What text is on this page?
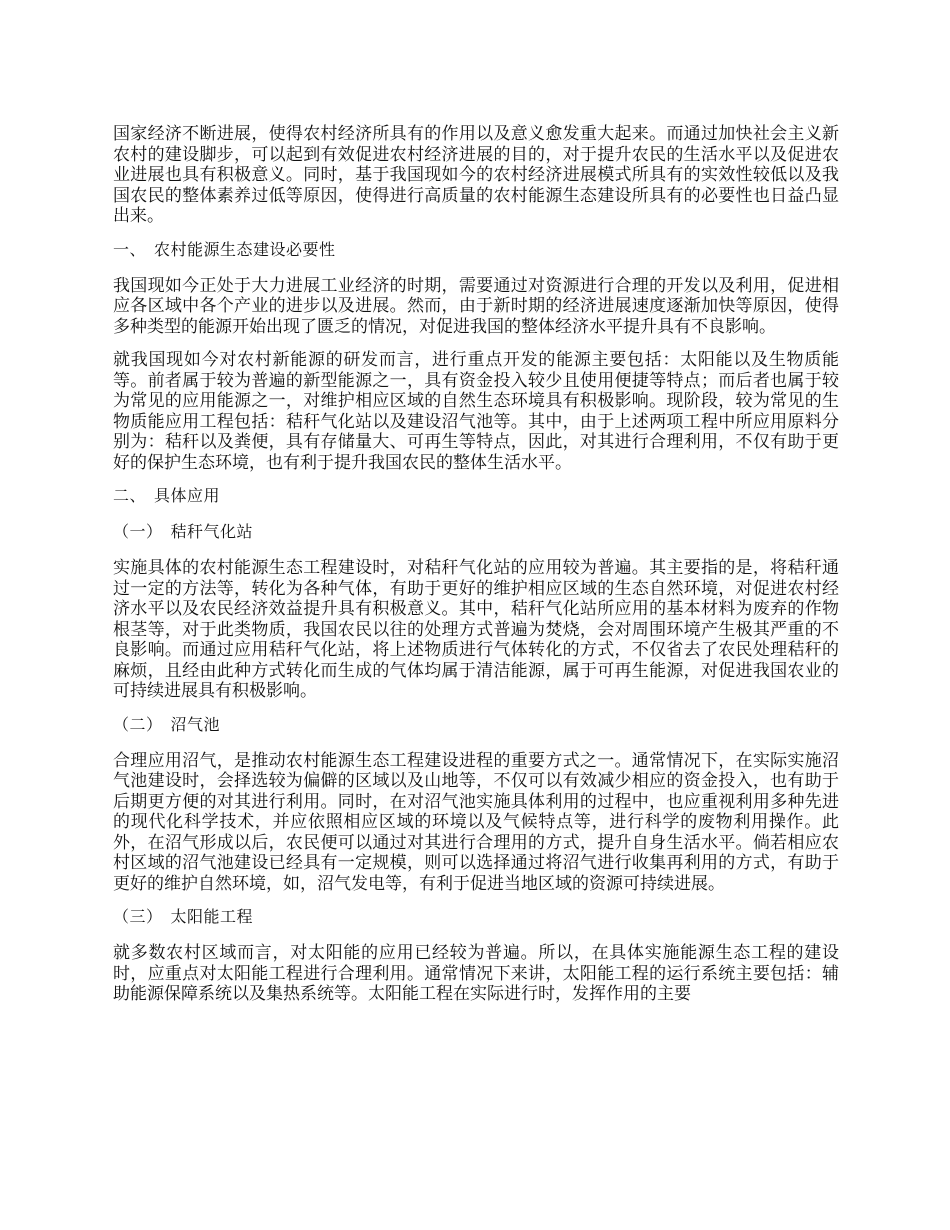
国家经济不断进展，使得农村经济所具有的作用以及意义愈发重大起来。而通过加快社会主义新农村的建设脚步，可以起到有效促进农村经济进展的目的，对于提升农民的生活水平以及促进农业进展也具有积极意义。同时，基于我国现如今的农村经济进展模式所具有的实效性较低以及我国农民的整体素养过低等原因，使得进行高质量的农村能源生态建设所具有的必要性也日益凸显出来。

一、 农村能源生态建设必要性

我国现如今正处于大力进展工业经济的时期，需要通过对资源进行合理的开发以及利用，促进相应各区域中各个产业的进步以及进展。然而，由于新时期的经济进展速度逐渐加快等原因，使得多种类型的能源开始出现了匮乏的情况，对促进我国的整体经济水平提升具有不良影响。

就我国现如今对农村新能源的研发而言，进行重点开发的能源主要包括：太阳能以及生物质能等。前者属于较为普遍的新型能源之一，具有资金投入较少且使用便捷等特点；而后者也属于较为常见的应用能源之一，对维护相应区域的自然生态环境具有积极影响。现阶段，较为常见的生物质能应用工程包括：秸秆气化站以及建设沼气池等。其中，由于上述两项工程中所应用原料分别为：秸秆以及粪便，具有存储量大、可再生等特点，因此，对其进行合理利用，不仅有助于更好的保护生态环境，也有利于提升我国农民的整体生活水平。

二、 具体应用
（一） 秸秆气化站

实施具体的农村能源生态工程建设时，对秸秆气化站的应用较为普遍。其主要指的是，将秸秆通过一定的方法等，转化为各种气体，有助于更好的维护相应区域的生态自然环境，对促进农村经济水平以及农民经济效益提升具有积极意义。其中，秸秆气化站所应用的基本材料为废弃的作物根茎等，对于此类物质，我国农民以往的处理方式普遍为焚烧，会对周围环境产生极其严重的不良影响。而通过应用秸秆气化站，将上述物质进行气体转化的方式，不仅省去了农民处理秸秆的麻烦，且经由此种方式转化而生成的气体均属于清洁能源，属于可再生能源，对促进我国农业的可持续进展具有积极影响。

（二） 沼气池

合理应用沼气，是推动农村能源生态工程建设进程的重要方式之一。通常情况下，在实际实施沼气池建设时，会择选较为偏僻的区域以及山地等，不仅可以有效减少相应的资金投入，也有助于后期更方便的对其进行利用。同时，在对沼气池实施具体利用的过程中，也应重视利用多种先进的现代化科学技术，并应依照相应区域的环境以及气候特点等，进行科学的废物利用操作。此外，在沼气形成以后，农民便可以通过对其进行合理用的方式，提升自身生活水平。倘若相应农村区域的沼气池建设已经具有一定规模，则可以选择通过将沼气进行收集再利用的方式，有助于更好的维护自然环境，如，沼气发电等，有利于促进当地区域的资源可持续进展。

（三） 太阳能工程

就多数农村区域而言，对太阳能的应用已经较为普遍。所以，在具体实施能源生态工程的建设时，应重点对太阳能工程进行合理利用。通常情况下来讲，太阳能工程的运行系统主要包括：辅助能源保障系统以及集热系统等。太阳能工程在实际进行时，发挥作用的主要
